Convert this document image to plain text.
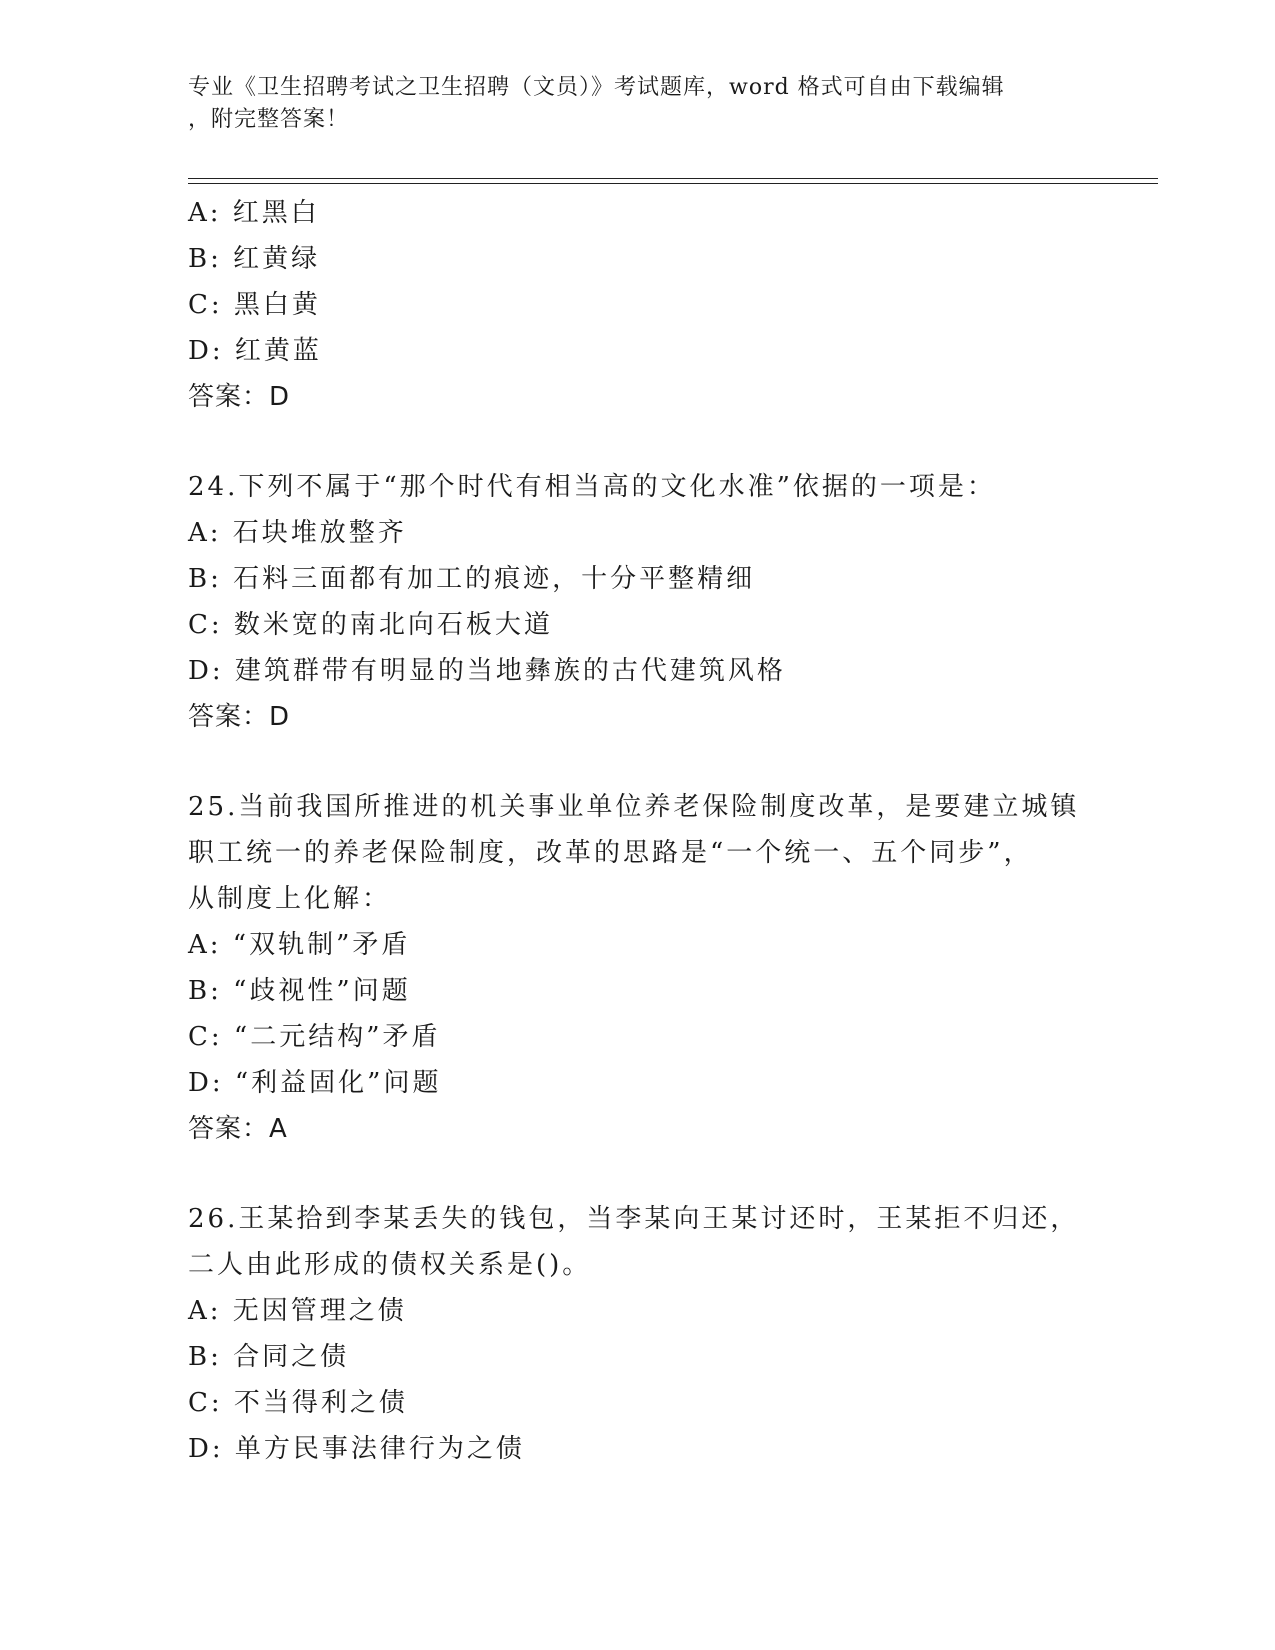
专业《卫生招聘考试之卫生招聘（文员）》考试题库，word 格式可自由下载编辑
，附完整答案！
A: 红黑白
B: 红黄绿
C: 黑白黄
D: 红黄蓝
答案：D
24.下列不属于“那个时代有相当高的文化水准”依据的一项是：
A: 石块堆放整齐
B: 石料三面都有加工的痕迹，十分平整精细
C: 数米宽的南北向石板大道
D: 建筑群带有明显的当地彝族的古代建筑风格
答案：D
25.当前我国所推进的机关事业单位养老保险制度改革，是要建立城镇
职工统一的养老保险制度，改革的思路是“一个统一、五个同步”，
从制度上化解：
A: “双轨制”矛盾
B: “歧视性”问题
C: “二元结构”矛盾
D: “利益固化”问题
答案：A
26.王某拾到李某丢失的钱包，当李某向王某讨还时，王某拒不归还，
二人由此形成的债权关系是()。
A: 无因管理之债
B: 合同之债
C: 不当得利之债
D: 单方民事法律行为之债
